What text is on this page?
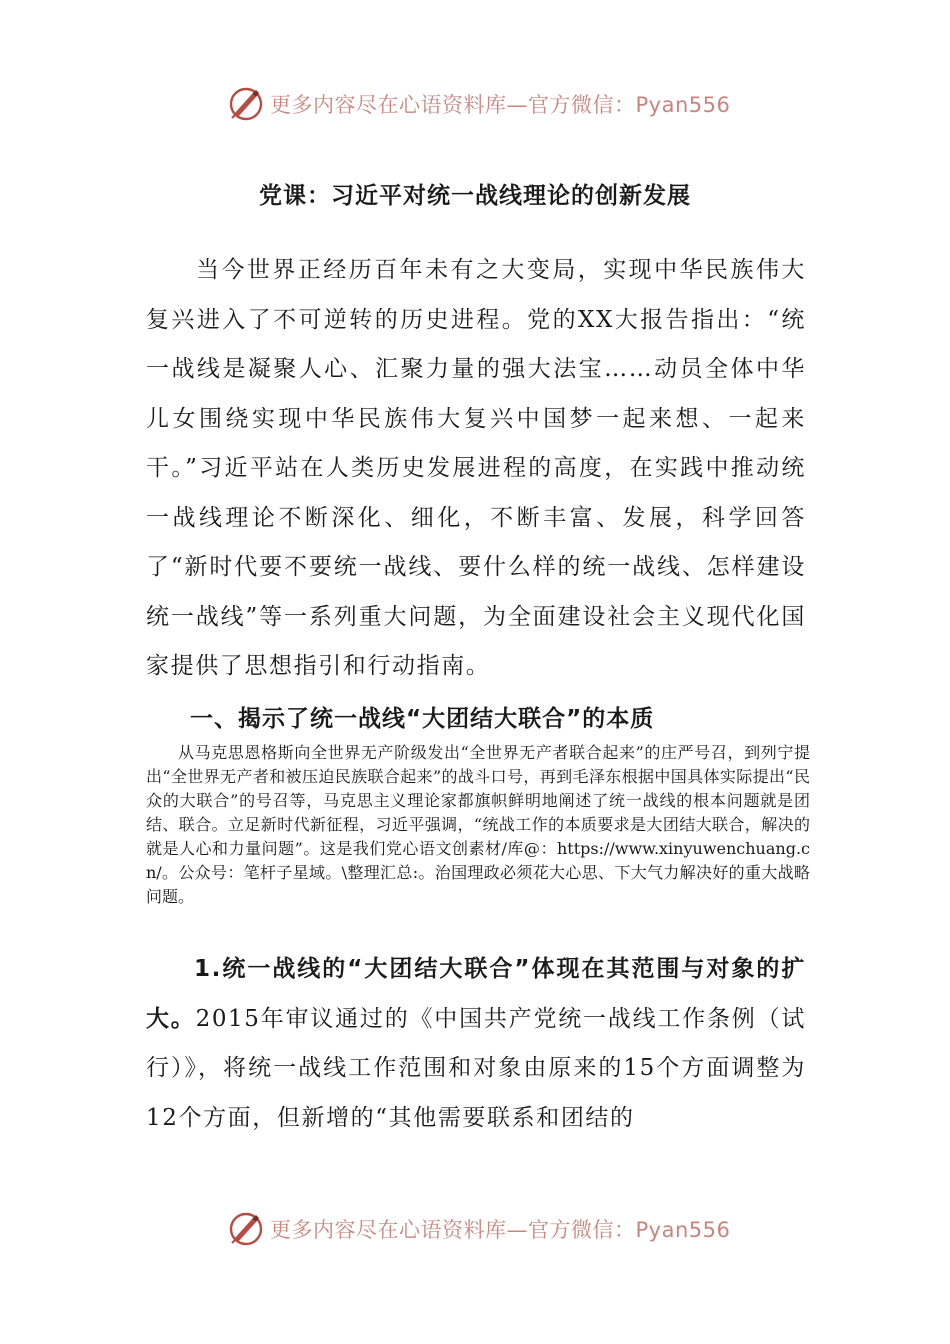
更多内容尽在心语资料库—官方微信：Pyan556
党课：习近平对统一战线理论的创新发展

当今世界正经历百年未有之大变局，实现中华民族伟大复兴进入了不可逆转的历史进程。党的XX大报告指出：“统一战线是凝聚人心、汇聚力量的强大法宝……动员全体中华儿女围绕实现中华民族伟大复兴中国梦一起来想、一起来干。”习近平站在人类历史发展进程的高度，在实践中推动统一战线理论不断深化、细化，不断丰富、发展，科学回答了“新时代要不要统一战线、要什么样的统一战线、怎样建设统一战线”等一系列重大问题，为全面建设社会主义现代化国家提供了思想指引和行动指南。

一、揭示了统一战线“大团结大联合”的本质

从马克思恩格斯向全世界无产阶级发出“全世界无产者联合起来”的庄严号召，到列宁提出“全世界无产者和被压迫民族联合起来”的战斗口号，再到毛泽东根据中国具体实际提出“民众的大联合”的号召等，马克思主义理论家都旗帜鲜明地阐述了统一战线的根本问题就是团结、联合。立足新时代新征程，习近平强调，“统战工作的本质要求是大团结大联合，解决的就是人心和力量问题”。这是我们党心语文创素材/库@：https://www.xinyuwenchuang.cn/。公众号：笔杆子星域。\整理汇总:。治国理政必须花大心思、下大气力解决好的重大战略问题。

1.统一战线的“大团结大联合”体现在其范围与对象的扩大。2015年审议通过的《中国共产党统一战线工作条例（试行）》，将统一战线工作范围和对象由原来的15个方面调整为12个方面，但新增的“其他需要联系和团结的

更多内容尽在心语资料库—官方微信：Pyan556
